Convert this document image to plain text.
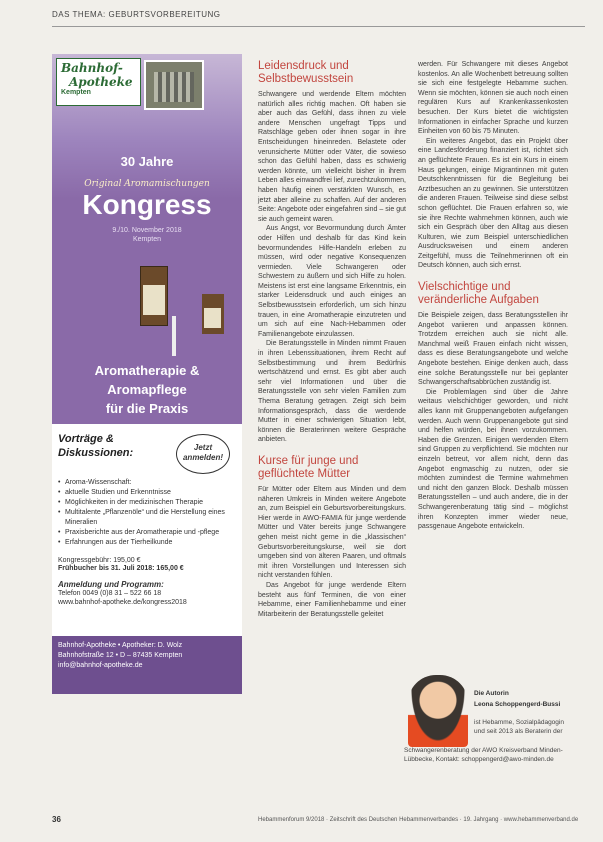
DAS THEMA: GEBURTSVORBEREITUNG
Bahnhof-
Apotheke
Kempten
30 Jahre
Original Aromamischungen
Kongress
9./10. November 2018
Kempten
Aromatherapie &
Aromapflege
für die Praxis
Vorträge &
Diskussionen:	Jetzt
anmelden!
• Aroma-Wissenschaft:
• aktuelle Studien und Erkenntnisse
• Möglichkeiten in der medizinischen Therapie
• Multitalente „Pflanzenöle“ und die Herstellung eines Mineralien
• Praxisberichte aus der Aromatherapie und -pflege
• Erfahrungen aus der Tierheilkunde
Kongressgebühr: 195,00 €
Frühbucher bis 31. Juli 2018: 165,00 €
Anmeldung und Programm:
Telefon 0049 (0)8 31 – 522 66 18
www.bahnhof-apotheke.de/kongress2018
Bahnhof-Apotheke • Apotheker: D. Wolz
Bahnhofstraße 12 • D – 87435 Kempten
info@bahnhof-apotheke.de
Leidensdruck und Selbstbewusstsein

Schwangere und werdende Eltern möchten natürlich alles richtig machen. Oft haben sie aber auch das Gefühl, dass ihnen zu viele andere Menschen ungefragt Tipps und Ratschläge geben oder ihnen sogar in ihre Entscheidungen hineinreden. Belastete oder verunsicherte Mütter oder Väter, die sowieso schon das Gefühl haben, dass es schwierig werden könnte, um vielleicht bisher in ihrem Leben alles einwandfrei lief, zurechtzukommen, haben häufig einen verstärkten Wunsch, es jetzt aber alleine zu schaffen. Auf der anderen Seite: Angebote oder eingefahren sind – sie gut sie auch gemeint waren.

Aus Angst, vor Bevormundung durch Ämter oder Hilfen und deshalb für das Kind kein bevormundendes Hilfe-Handeln erleben zu müssen, wird oder negative Konsequenzen vermieden. Viele Schwangeren oder Schwestern zu äußern und sich Hilfe zu holen. Meistens ist erst eine langsame Erkenntnis, ein starker Leidensdruck und auch einiges an Selbstbewusstsein erforderlich, um sich hinzu trauen, in eine Aromatherapie einzutreten und um sich auf eine Nach-Hebammen oder Familienangebote einzulassen.

Die Beratungsstelle in Minden nimmt Frauen in ihren Lebenssituationen, ihrem Recht auf Selbstbestimmung und ihrem Bedürfnis wertschätzend und ernst. Es gibt aber auch sehr viel Informationen und über die Beratungsstelle von sehr vielen Familien zum Thema Beratung getragen. Zeigt sich beim Informationsgespräch, dass die werdende Mutter in einer schwierigen Situation lebt, können die Beraterinnen weitere Gespräche anbieten.

Kurse für junge und geflüchtete Mütter

Für Mütter oder Eltern aus Minden und dem näheren Umkreis in Minden weitere Angebote an, zum Beispiel ein Geburtsvorbereitungskurs. Hier werde in AWO-FAMIA für junge werdende Mütter und Väter bereits junge Schwangere gehen meist nicht gerne in die „klassischen“ Geburtsvorbereitungskurse, weil sie dort umgeben sind von älteren Paaren, und oftmals mit ihren Vorstellungen und Interessen sich nicht verstanden fühlen.

Das Angebot für junge werdende Eltern besteht aus fünf Terminen, die von einer Hebamme, einer Familienhebamme und einer Mitarbeiterin der Beratungsstelle geleitet

werden. Für Schwangere mit dieses Angebot kostenlos. An alle Wochenbett betreuung sollten sie sich eine festgelegte Hebamme suchen. Wenn sie möchten, können sie auch noch einen regulären Kurs auf Krankenkassenkosten besuchen. Der Kurs bietet die wichtigsten Informationen in einfacher Sprache und kurzen Einheiten von 60 bis 75 Minuten.

Ein weiteres Angebot, das ein Projekt über eine Landesförderung finanziert ist, richtet sich an geflüchtete Frauen. Es ist ein Kurs in einem Haus gelungen, einige Migrantinnen mit guten Deutschkenntnissen für die Begleitung bei Arztbesuchen an zu gewinnen. Sie unterstützen die anderen Frauen. Teilweise sind diese selbst schon geflüchtet. Die Frauen erfahren so, wie sie ihre Rechte wahrnehmen können, auch wie sich ein Gespräch über den Alltag aus diesen Kulturen, wie zum Beispiel unterschiedlichen Ausdrucksweisen und einem anderen Zeitgefühl, muss die Teilnehmerinnen oft ein Deutsch können, auch sich ernst.

Vielschichtige und veränderliche Aufgaben

Die Beispiele zeigen, dass Beratungsstellen ihr Angebot variieren und anpassen können. Trotzdem erreichen auch sie nicht alle. Manchmal weiß Frauen einfach nicht wissen, dass es diese Beratungsangebote und welche Angebote bestehen. Einige denken auch, dass eine solche Beratungsstelle nur bei geplanter Schwangerschaftsabbrüchen zuständig ist.

Die Problemlagen sind über die Jahre weitaus vielschichtiger geworden, und nicht alles kann mit Gruppenangeboten aufgefangen werden. Auch wenn Gruppenangebote gut sind und helfen würden, bei ihnen vorzukommen. Haben die Grenzen. Einigen werdenden Eltern sind Gruppen zu verpflichtend. Sie möchten nur einzeln betreut, vor allem nicht, denn das Angebot engmaschig zu nutzen, oder sie möchten zumindest die Termine wahrnehmen und nicht den ganzen Block. Deshalb müssen Beratungsstellen – und auch andere, die in der Schwangerenberatung tätig sind – möglichst ihren Konzepten immer wieder neue, passgenaue Angebote entwickeln.

Die Autorin
Leona Schoppengerd-Bussi
ist Hebamme, Sozialpädagogin und seit 2013 als Beraterin der
Schwangerenberatung der AWO Kreisverband Minden-Lübbecke, Kontakt: schoppengerd@awo-minden.de
36	Hebammenforum 9/2018 · Zeitschrift des Deutschen Hebammenverbandes · 19. Jahrgang · www.hebammenverband.de
